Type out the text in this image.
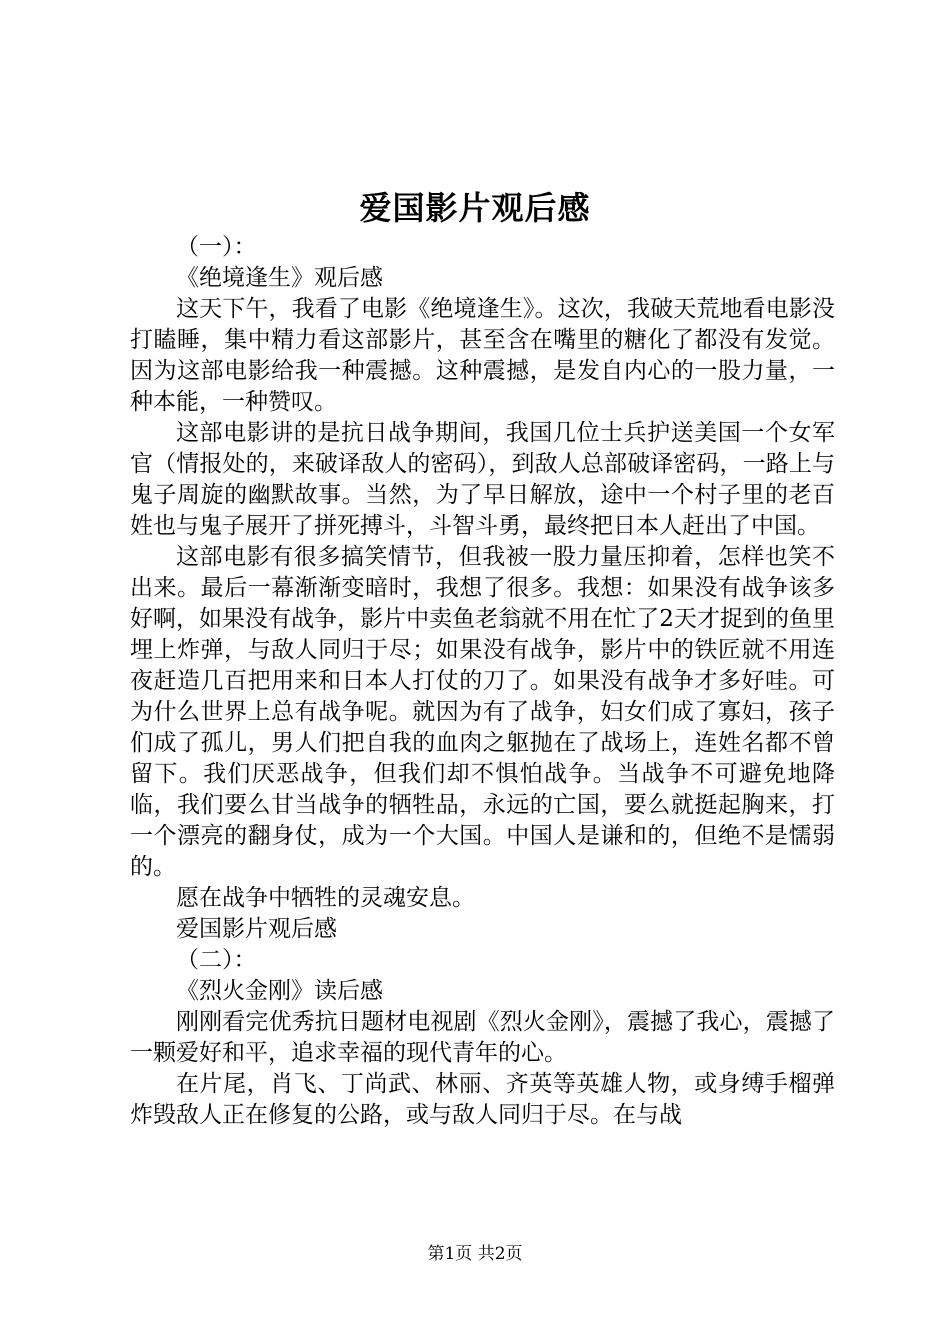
爱国影片观后感

（一）：

《绝境逢生》观后感

这天下午，我看了电影《绝境逢生》。这次，我破天荒地看电影没打瞌睡，集中精力看这部影片，甚至含在嘴里的糖化了都没有发觉。因为这部电影给我一种震撼。这种震撼，是发自内心的一股力量，一种本能，一种赞叹。

这部电影讲的是抗日战争期间，我国几位士兵护送美国一个女军官（情报处的，来破译敌人的密码），到敌人总部破译密码，一路上与鬼子周旋的幽默故事。当然，为了早日解放，途中一个村子里的老百姓也与鬼子展开了拼死搏斗，斗智斗勇，最终把日本人赶出了中国。

这部电影有很多搞笑情节，但我被一股力量压抑着，怎样也笑不出来。最后一幕渐渐变暗时，我想了很多。我想：如果没有战争该多好啊，如果没有战争，影片中卖鱼老翁就不用在忙了2天才捉到的鱼里埋上炸弹，与敌人同归于尽；如果没有战争，影片中的铁匠就不用连夜赶造几百把用来和日本人打仗的刀了。如果没有战争才多好哇。可为什么世界上总有战争呢。就因为有了战争，妇女们成了寡妇，孩子们成了孤儿，男人们把自我的血肉之躯抛在了战场上，连姓名都不曾留下。我们厌恶战争，但我们却不惧怕战争。当战争不可避免地降临，我们要么甘当战争的牺牲品，永远的亡国，要么就挺起胸来，打一个漂亮的翻身仗，成为一个大国。中国人是谦和的，但绝不是懦弱的。

愿在战争中牺牲的灵魂安息。

爱国影片观后感

（二）：

《烈火金刚》读后感

刚刚看完优秀抗日题材电视剧《烈火金刚》，震撼了我心，震撼了一颗爱好和平，追求幸福的现代青年的心。

在片尾，肖飞、丁尚武、林丽、齐英等英雄人物，或身缚手榴弹炸毁敌人正在修复的公路，或与敌人同归于尽。在与战

第1页 共2页
